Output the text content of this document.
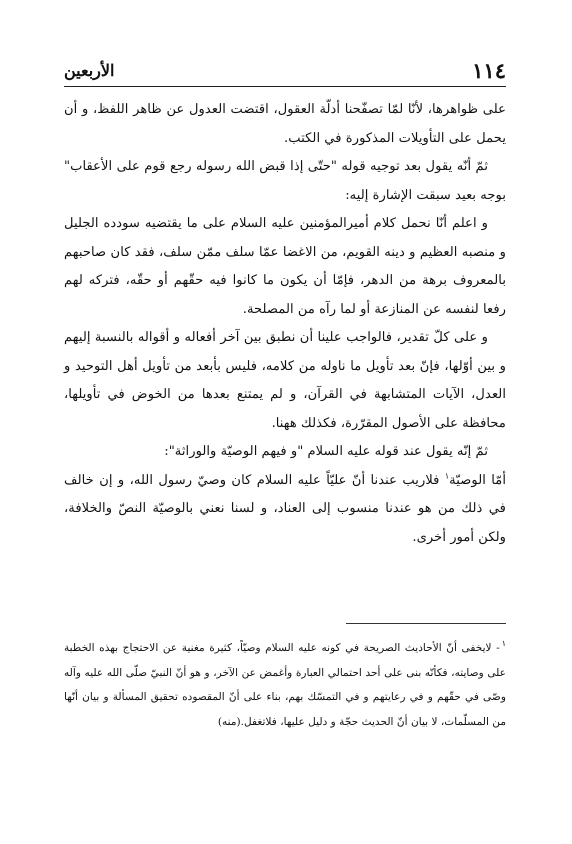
١١٤
الأربعين

على ظواهرها، لأنّا لمّا تصفّحنا أدلّة العقول، اقتضت العدول عن ظاهر اللفظ، و أن يحمل على التأويلات المذكورة في الكتب.

ثمّ أنّه يقول بعد توجيه قوله "حتّى إذا قبض الله رسوله رجع قوم على الأعقاب" بوجه بعيد سبقت الإشارة إليه:

و اعلم أنّا نحمل كلام أميرالمؤمنين عليه السلام على ما يقتضيه سودده الجليل و منصبه العظيم و دينه القويم، من الاغضا عمّا سلف ممّن سلف، فقد كان صاحبهم بالمعروف برهة من الدهر، فإمّا أن يكون ما كانوا فيه حقّهم أو حقّه، فتركه لهم رفعا لنفسه عن المنازعة أو لما رآه من المصلحة.

و على كلّ تقدير، فالواجب علينا أن نطبق بين آخر أفعاله و أقواله بالنسبة إليهم و بين أوّلها، فإنّ بعد تأويل ما ناوله من كلامه، فليس بأبعد من تأويل أهل التوحيد و العدل، الآيات المتشابهة في القرآن، و لم يمتنع بعدها من الخوض في تأويلها، محافظة على الأصول المقرّرة، فكذلك ههنا.

ثمّ إنّه يقول عند قوله عليه السلام "و فيهم الوصيّة والوراثة":

أمّا الوصيّة$^١$ فلاريب عندنا أنّ عليّاً عليه السلام كان وصيّ رسول الله، و إن خالف في ذلك من هو عندنا منسوب إلى العناد، و لسنا نعني بالوصيّة النصّ والخلافة، ولكن أمور أخرى.

$^١$- لايخفى أنّ الأحاديث الصريحة في كونه عليه السلام وصيّاً، كثيرة مغنية عن الاحتجاج بهذه الخطبة على وصايته، فكأنّه بنى على أحد احتمالي العبارة وأغمض عن الآخر، و هو أنّ النبيّ صلّى الله عليه وآله وصّى في حقّهم و في رعايتهم و في التمسّك بهم، بناء على أنّ المقصوده تحقيق المسألة و بيان أنّها من المسلّمات، لا بيان أنّ الحديث حجّة و دليل عليها، فلاتغفل.(منه)
